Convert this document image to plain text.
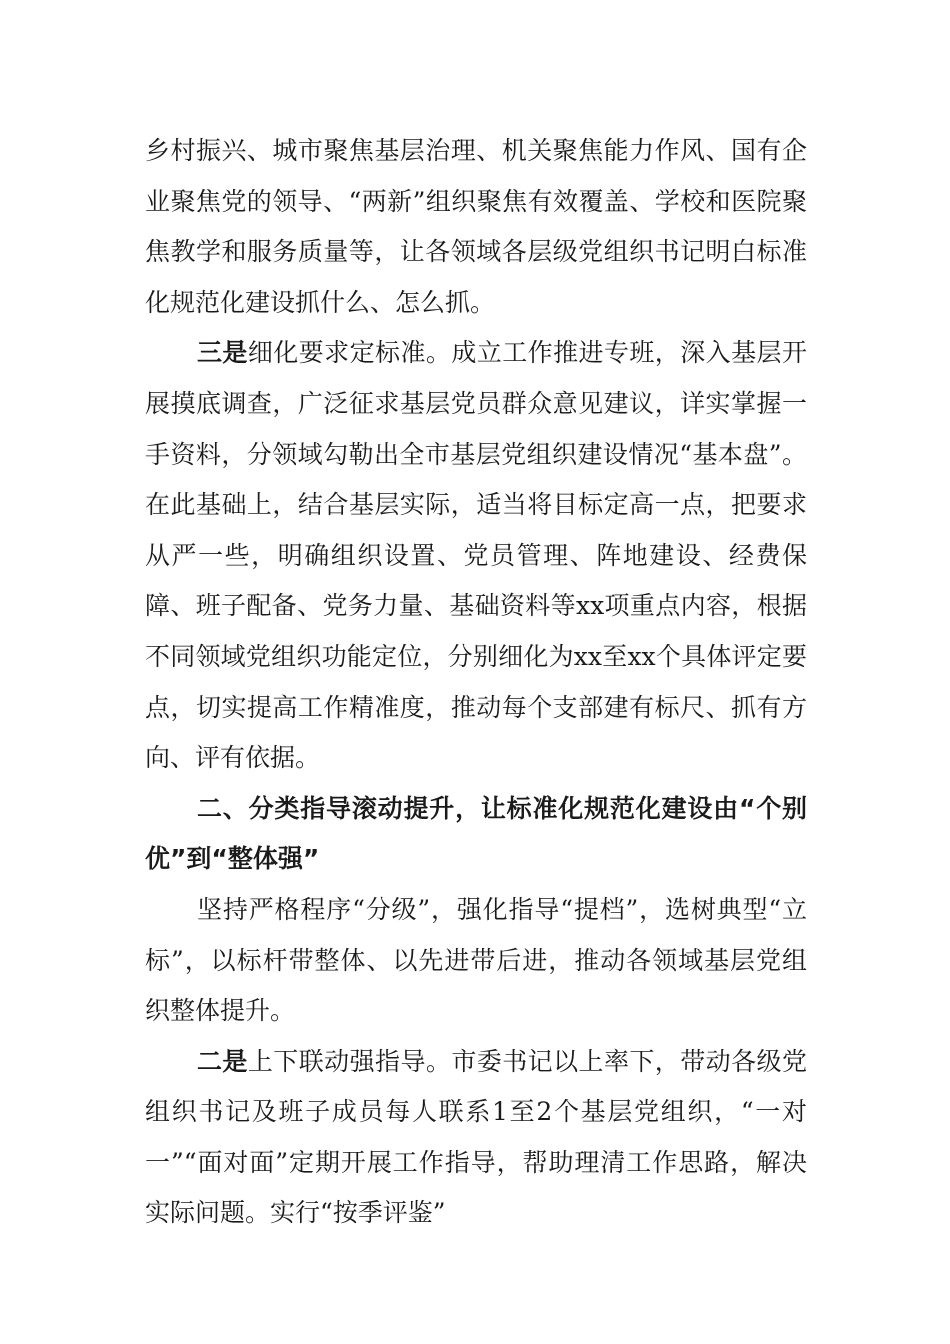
乡村振兴、城市聚焦基层治理、机关聚焦能力作风、国有企业聚焦党的领导、“两新”组织聚焦有效覆盖、学校和医院聚焦教学和服务质量等，让各领域各层级党组织书记明白标准化规范化建设抓什么、怎么抓。

三是细化要求定标准。成立工作推进专班，深入基层开展摸底调查，广泛征求基层党员群众意见建议，详实掌握一手资料，分领域勾勒出全市基层党组织建设情况“基本盘”。在此基础上，结合基层实际，适当将目标定高一点，把要求从严一些，明确组织设置、党员管理、阵地建设、经费保障、班子配备、党务力量、基础资料等xx项重点内容，根据不同领域党组织功能定位，分别细化为xx至xx个具体评定要点，切实提高工作精准度，推动每个支部建有标尺、抓有方向、评有依据。

二、分类指导滚动提升，让标准化规范化建设由“个别优”到“整体强”

坚持严格程序“分级”，强化指导“提档”，选树典型“立标”，以标杆带整体、以先进带后进，推动各领域基层党组织整体提升。

二是上下联动强指导。市委书记以上率下，带动各级党组织书记及班子成员每人联系1至2个基层党组织，“一对一”“面对面”定期开展工作指导，帮助理清工作思路，解决实际问题。实行“按季评鉴”
